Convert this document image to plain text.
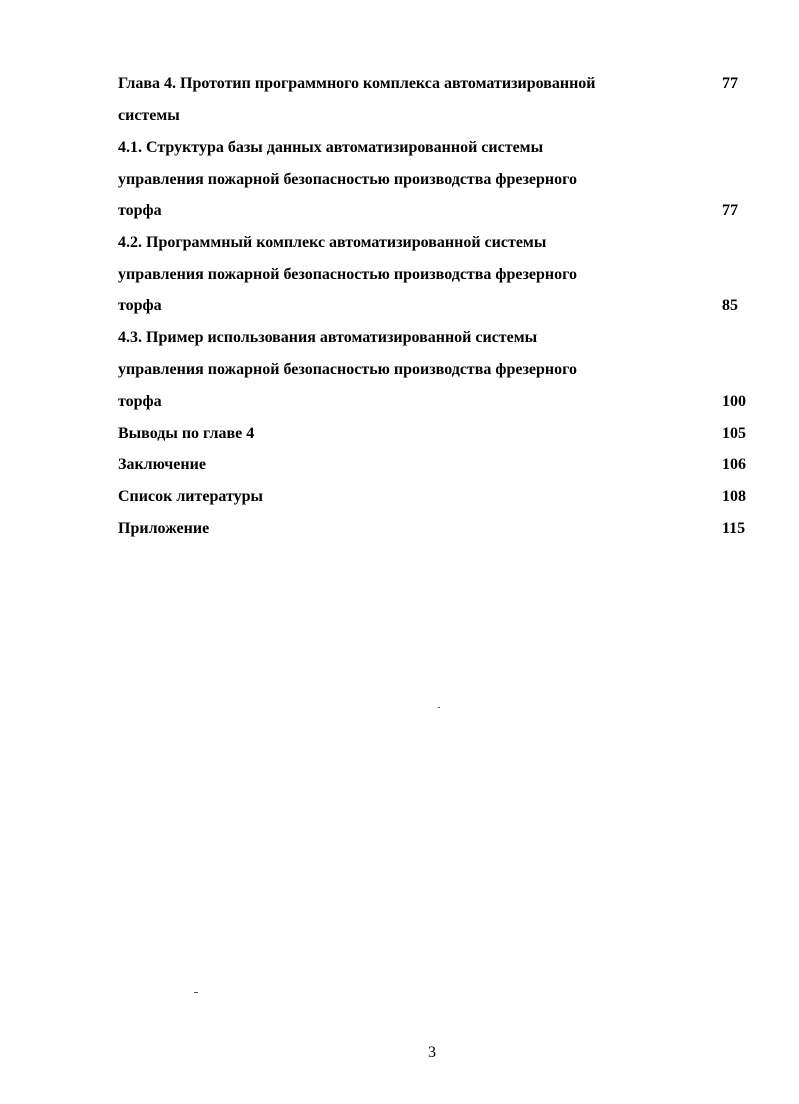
Глава 4. Прототип программного комплекса автоматизированной	77
системы
4.1. Структура базы данных автоматизированной системы
управления пожарной безопасностью производства фрезерного
торфа	77
4.2. Программный комплекс автоматизированной системы
управления пожарной безопасностью производства фрезерного
торфа	85
4.3. Пример использования автоматизированной системы
управления пожарной безопасностью производства фрезерного
торфа	100
Выводы по главе 4	105
Заключение	106
Список литературы	108
Приложение	115
3
